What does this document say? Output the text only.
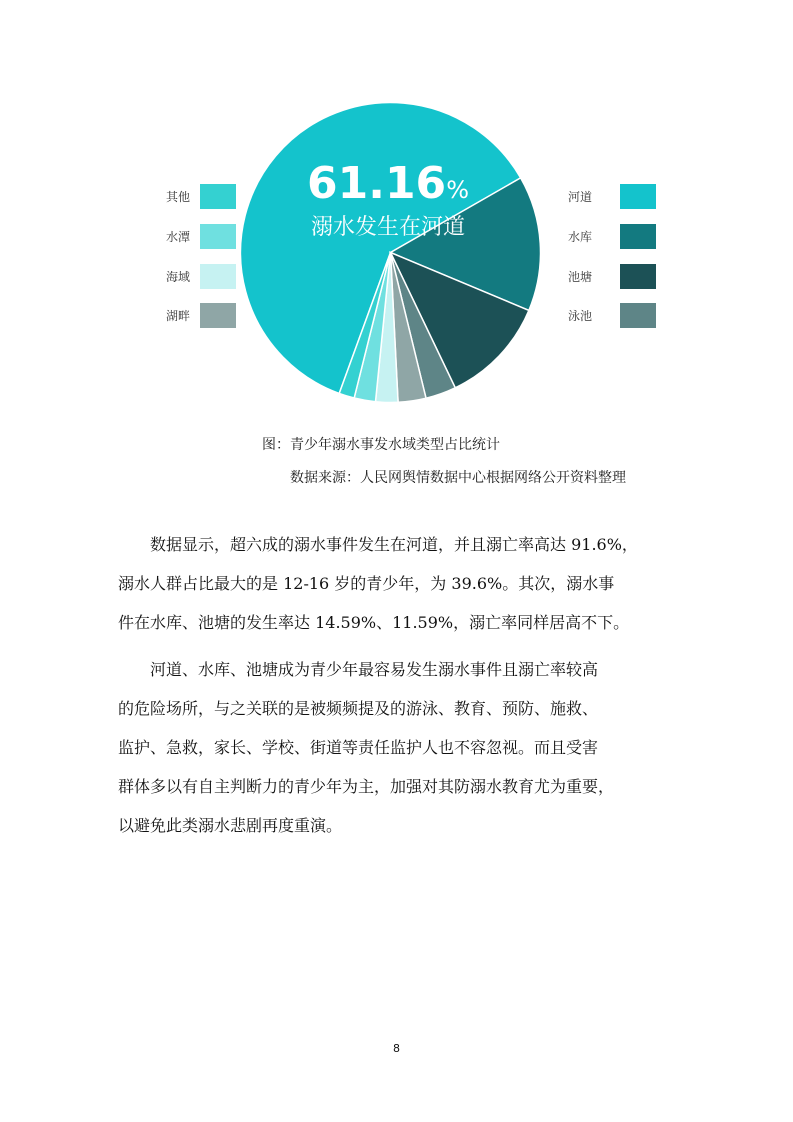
61.16%
溺水发生在河道
其他
水潭
海域
湖畔
河道
水库
池塘
泳池
图：青少年溺水事发水域类型占比统计
数据来源：人民网舆情数据中心根据网络公开资料整理

数据显示，超六成的溺水事件发生在河道，并且溺亡率高达 91.6%，

溺水人群占比最大的是 12-16 岁的青少年，为 39.6%。其次，溺水事

件在水库、池塘的发生率达 14.59%、11.59%，溺亡率同样居高不下。

河道、水库、池塘成为青少年最容易发生溺水事件且溺亡率较高

的危险场所，与之关联的是被频频提及的游泳、教育、预防、施救、

监护、急救，家长、学校、街道等责任监护人也不容忽视。而且受害

群体多以有自主判断力的青少年为主，加强对其防溺水教育尤为重要，

以避免此类溺水悲剧再度重演。

8
